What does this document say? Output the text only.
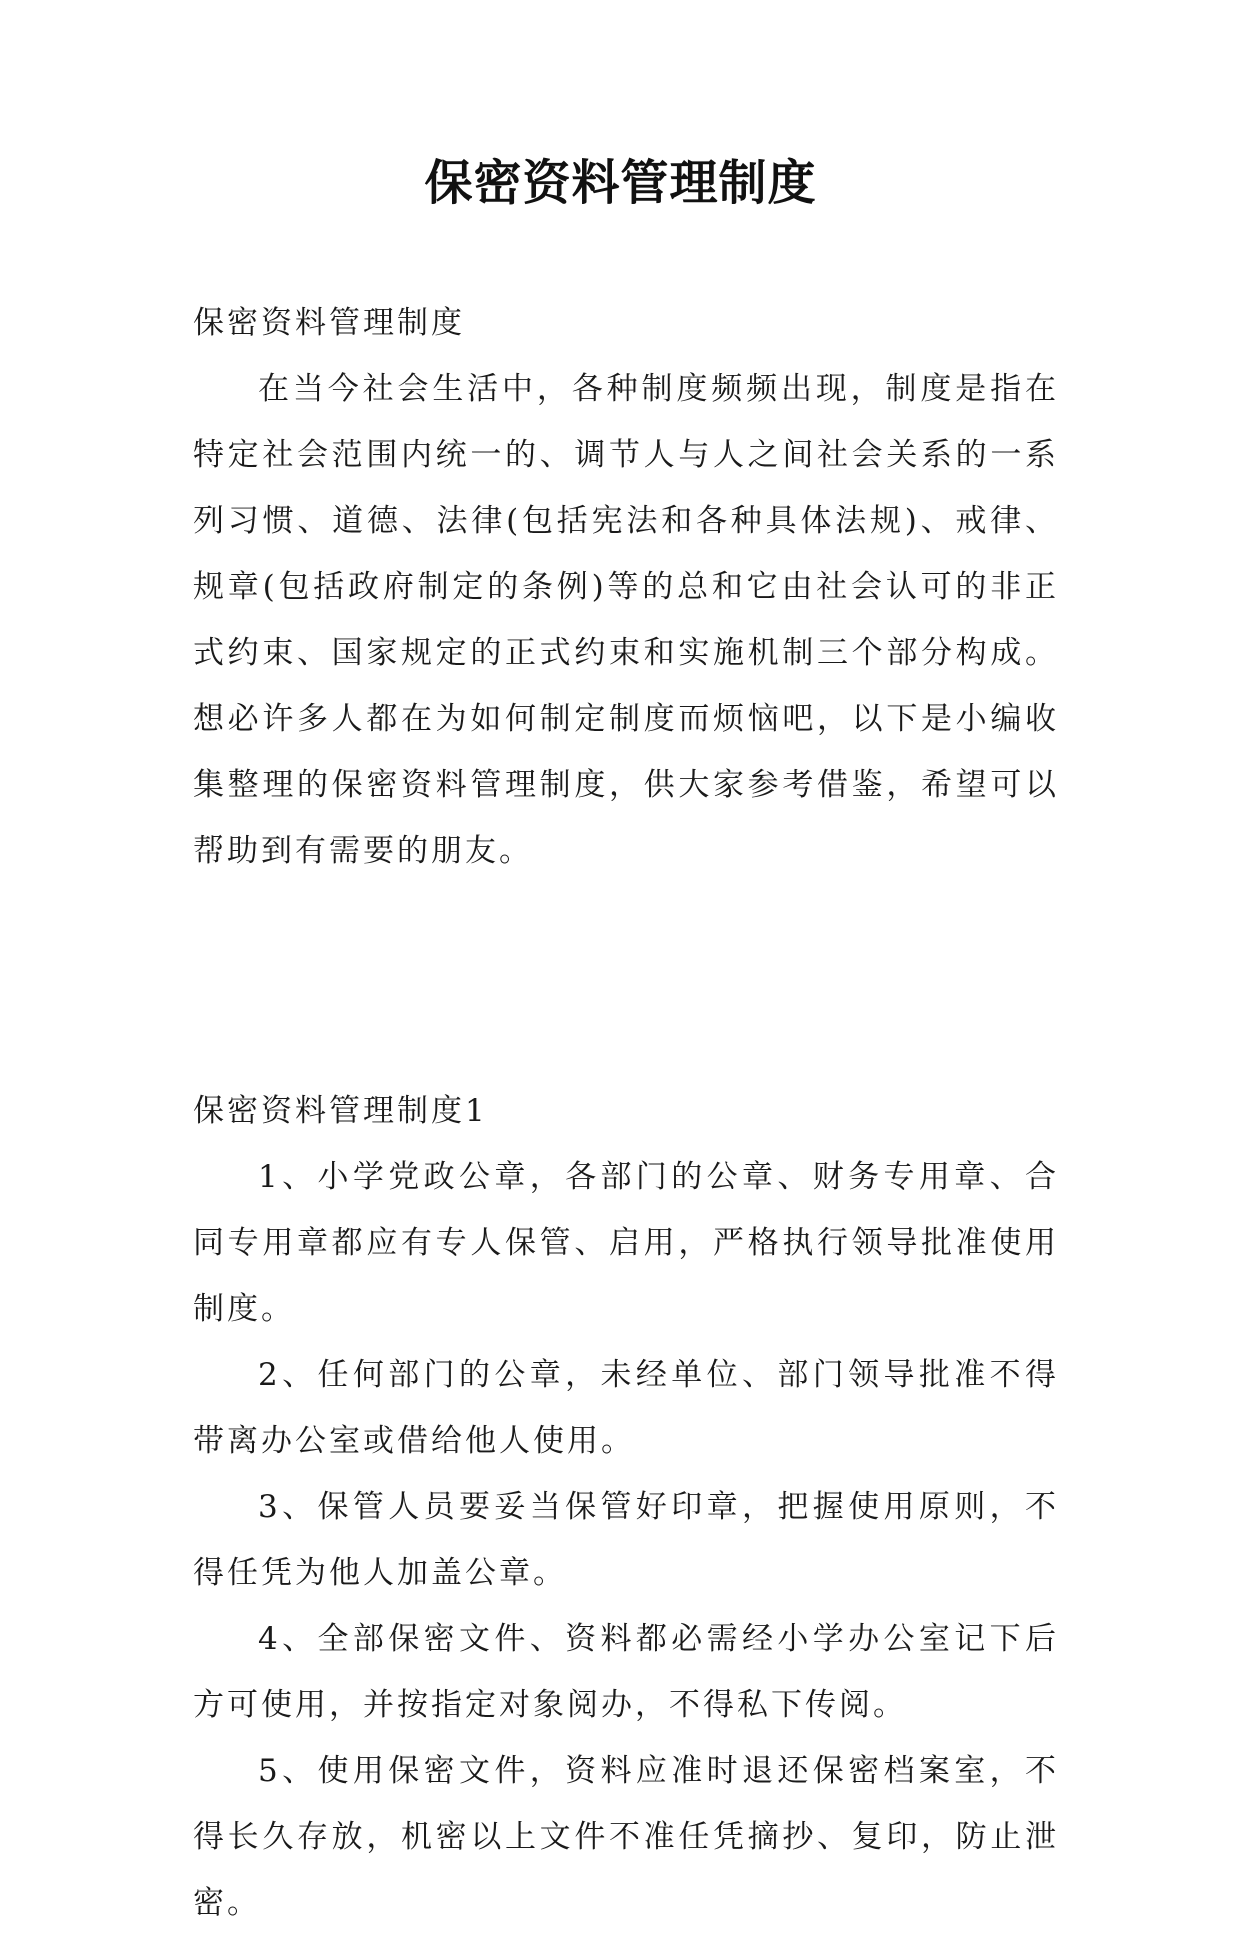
保密资料管理制度

保密资料管理制度

在当今社会生活中，各种制度频频出现，制度是指在特定社会范围内统一的、调节人与人之间社会关系的一系列习惯、道德、法律(包括宪法和各种具体法规)、戒律、规章(包括政府制定的条例)等的总和它由社会认可的非正式约束、国家规定的正式约束和实施机制三个部分构成。想必许多人都在为如何制定制度而烦恼吧，以下是小编收集整理的保密资料管理制度，供大家参考借鉴，希望可以帮助到有需要的朋友。

保密资料管理制度1

1、小学党政公章，各部门的公章、财务专用章、合同专用章都应有专人保管、启用，严格执行领导批准使用制度。

2、任何部门的公章，未经单位、部门领导批准不得带离办公室或借给他人使用。

3、保管人员要妥当保管好印章，把握使用原则，不得任凭为他人加盖公章。

4、全部保密文件、资料都必需经小学办公室记下后方可使用，并按指定对象阅办，不得私下传阅。

5、使用保密文件，资料应准时退还保密档案室，不得长久存放，机密以上文件不准任凭摘抄、复印，防止泄密。
